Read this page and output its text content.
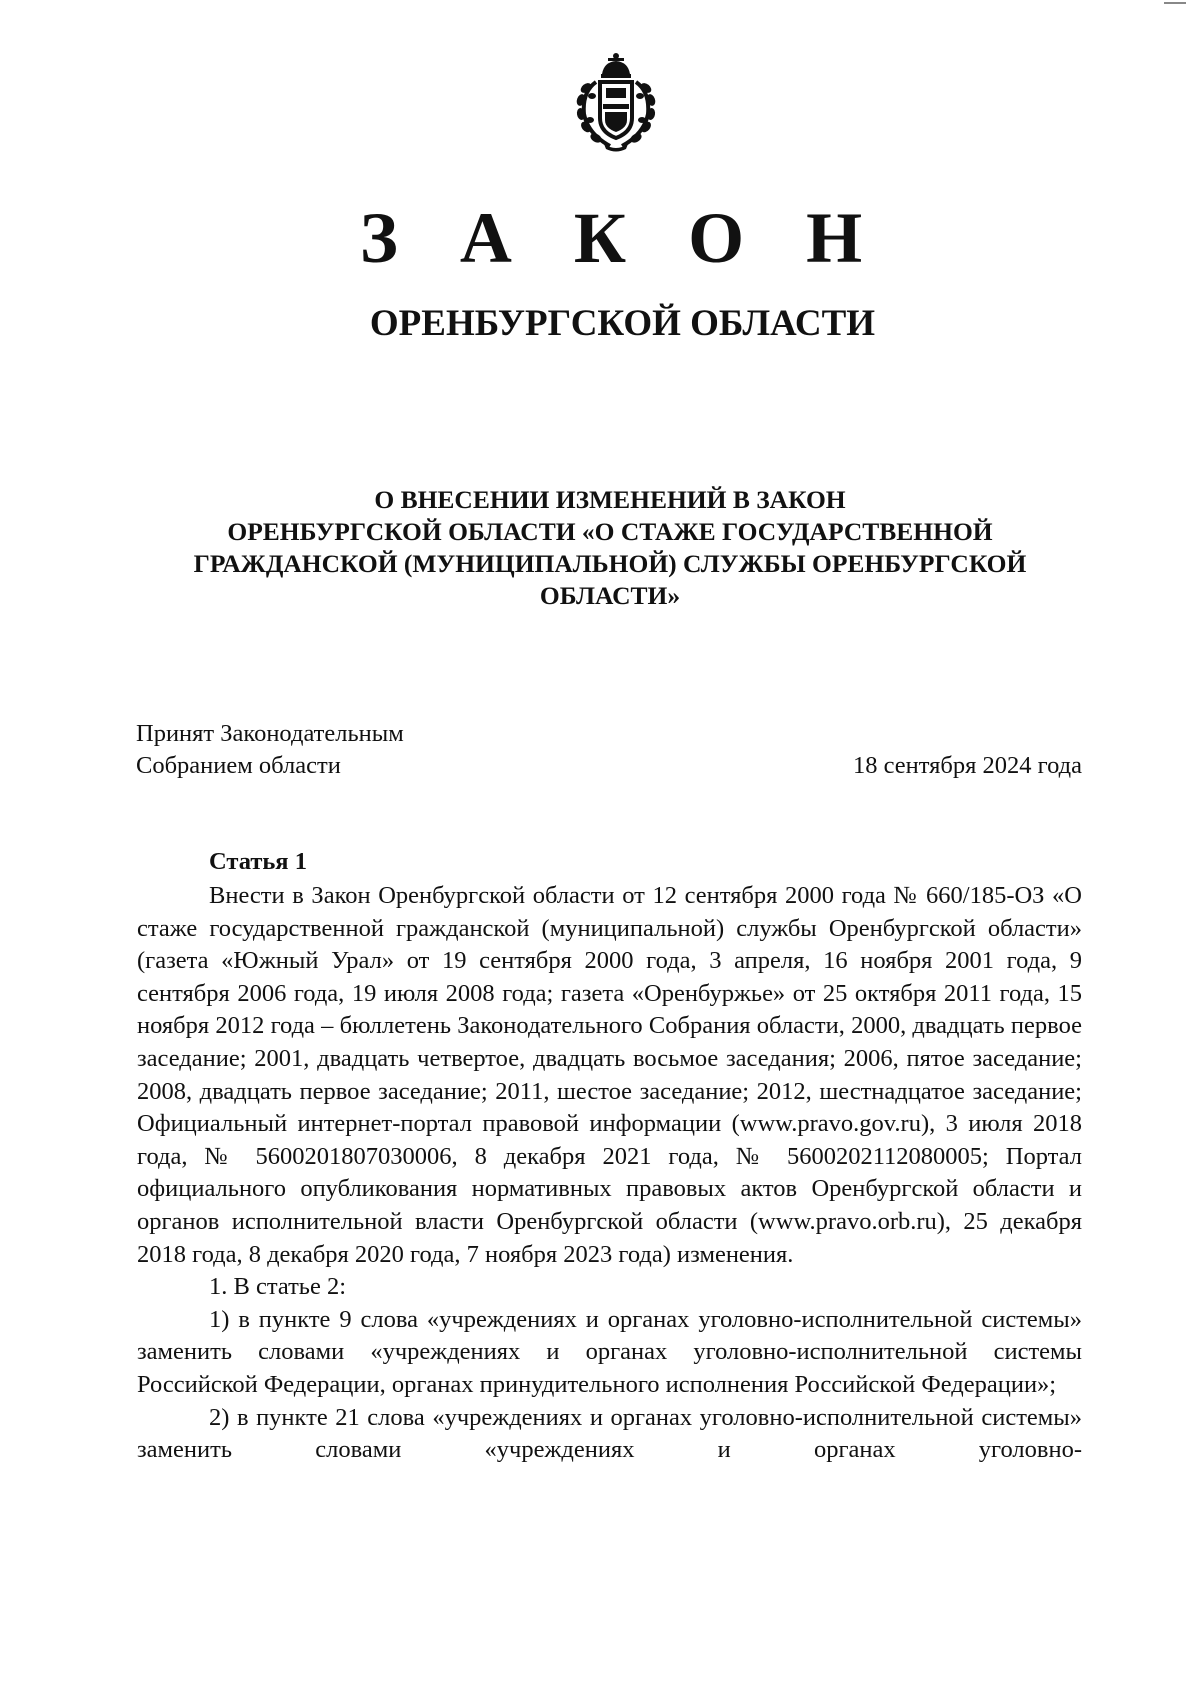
З А К О Н
ОРЕНБУРГСКОЙ ОБЛАСТИ
О ВНЕСЕНИИ ИЗМЕНЕНИЙ В ЗАКОН
ОРЕНБУРГСКОЙ ОБЛАСТИ «О СТАЖЕ ГОСУДАРСТВЕННОЙ
ГРАЖДАНСКОЙ (МУНИЦИПАЛЬНОЙ) СЛУЖБЫ ОРЕНБУРГСКОЙ
ОБЛАСТИ»
Принят Законодательным
Собранием области	18 сентября 2024 года
Статья 1

Внести в Закон Оренбургской области от 12 сентября 2000 года № 660/185-ОЗ «О стаже государственной гражданской (муниципальной) службы Оренбургской области» (газета «Южный Урал» от 19 сентября 2000 года, 3 апреля, 16 ноября 2001 года, 9 сентября 2006 года, 19 июля 2008 года; газета «Оренбуржье» от 25 октября 2011 года, 15 ноября 2012 года – бюллетень Законодательного Собрания области, 2000, двадцать первое заседание; 2001, двадцать четвертое, двадцать восьмое заседания; 2006, пятое заседание; 2008, двадцать первое заседание; 2011, шестое заседание; 2012, шестнадцатое заседание; Официальный интернет-портал правовой информации (www.pravo.gov.ru), 3 июля 2018 года, № 5600201807030006, 8 декабря 2021 года, № 5600202112080005; Портал официального опубликования нормативных правовых актов Оренбургской области и органов исполнительной власти Оренбургской области (www.pravo.orb.ru), 25 декабря 2018 года, 8 декабря 2020 года, 7 ноября 2023 года) изменения.

1. В статье 2:

1) в пункте 9 слова «учреждениях и органах уголовно-исполнительной системы» заменить словами «учреждениях и органах уголовно-исполнительной системы Российской Федерации, органах принудительного исполнения Российской Федерации»;

2) в пункте 21 слова «учреждениях и органах уголовно-исполнительной системы» заменить словами «учреждениях и органах уголовно-
